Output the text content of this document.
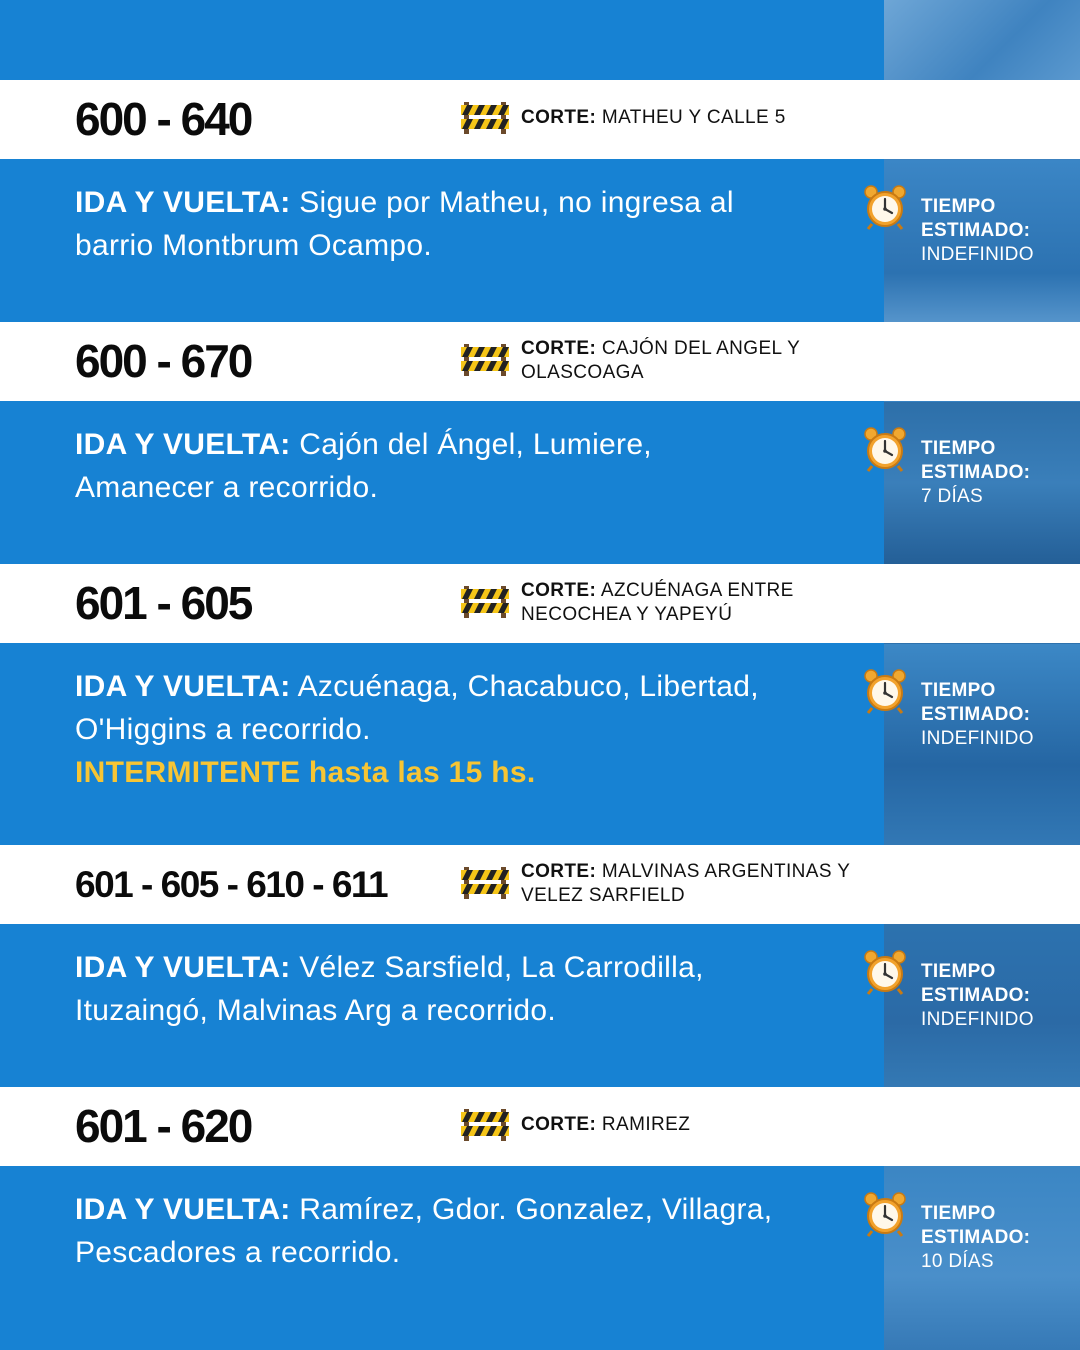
600 - 640	CORTE: MATHEU Y CALLE 5
IDA Y VUELTA: Sigue por Matheu, no ingresa al barrio Montbrum Ocampo.
TIEMPO ESTIMADO:
INDEFINIDO
600 - 670	CORTE: CAJÓN DEL ANGEL Y OLASCOAGA
IDA Y VUELTA: Cajón del Ángel, Lumiere, Amanecer a recorrido.
TIEMPO ESTIMADO:
7 DÍAS
601 - 605	CORTE: AZCUÉNAGA ENTRE NECOCHEA Y YAPEYÚ
IDA Y VUELTA: Azcuénaga, Chacabuco, Libertad, O'Higgins a recorrido.
INTERMITENTE hasta las 15 hs.
TIEMPO ESTIMADO:
INDEFINIDO
601 - 605 - 610 - 611	CORTE: MALVINAS ARGENTINAS Y VELEZ SARFIELD
IDA Y VUELTA: Vélez Sarsfield, La Carrodilla, Ituzaingó, Malvinas Arg a recorrido.
TIEMPO ESTIMADO:
INDEFINIDO
601 - 620	CORTE: RAMIREZ
IDA Y VUELTA: Ramírez, Gdor. Gonzalez, Villagra, Pescadores a recorrido.
TIEMPO ESTIMADO:
10 DÍAS
